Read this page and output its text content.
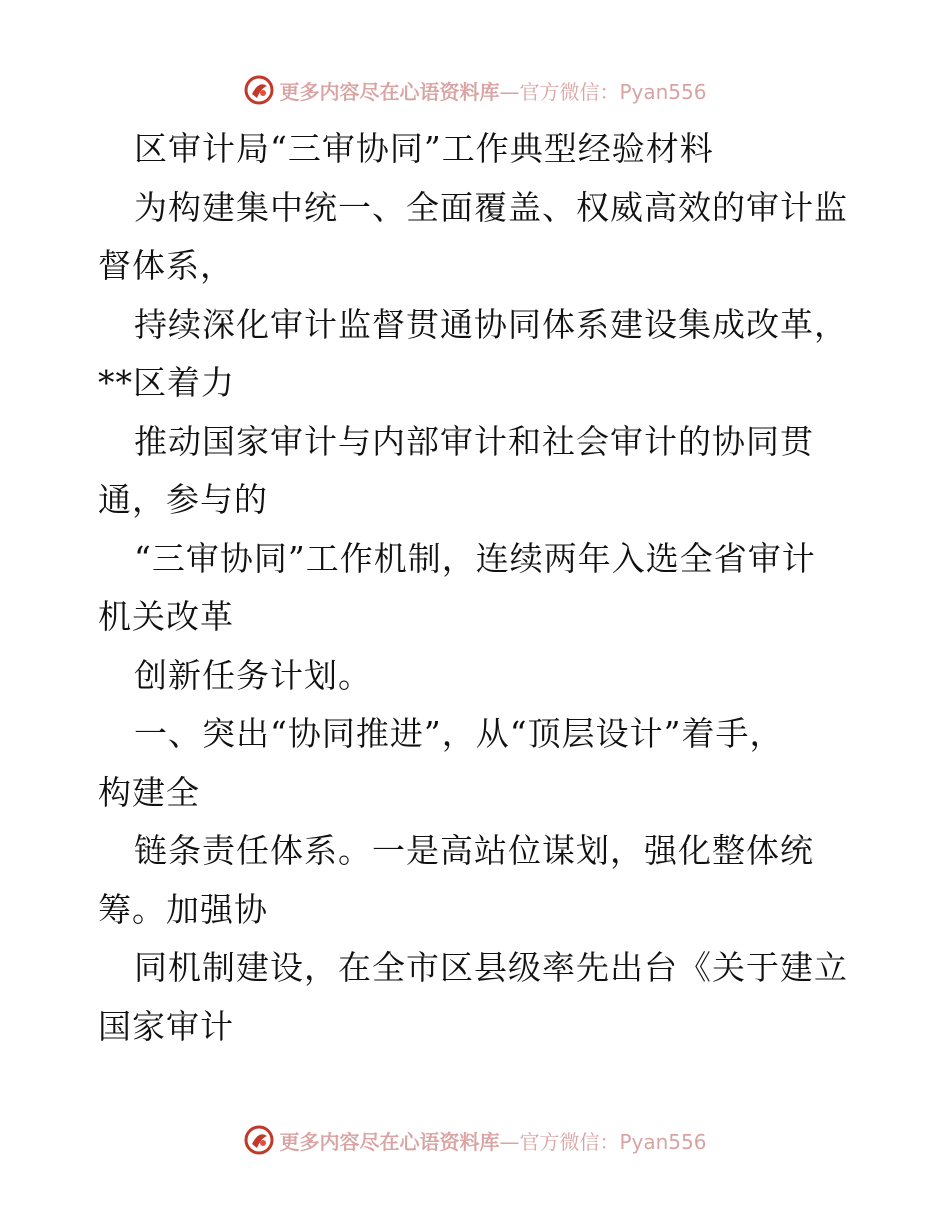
更多内容尽在心语资料库 —官方微信：Pyan556
区审计局“三审协同”工作典型经验材料
为构建集中统一、全面覆盖、权威高效的审计监
督体系，
持续深化审计监督贯通协同体系建设集成改革，
**区着力
推动国家审计与内部审计和社会审计的协同贯
通，参与的
“三审协同”工作机制，连续两年入选全省审计
机关改革
创新任务计划。
一、突出“协同推进”，从“顶层设计”着手，
构建全
链条责任体系。一是高站位谋划，强化整体统
筹。加强协
同机制建设，在全市区县级率先出台《关于建立
国家审计
更多内容尽在心语资料库 —官方微信：Pyan556
